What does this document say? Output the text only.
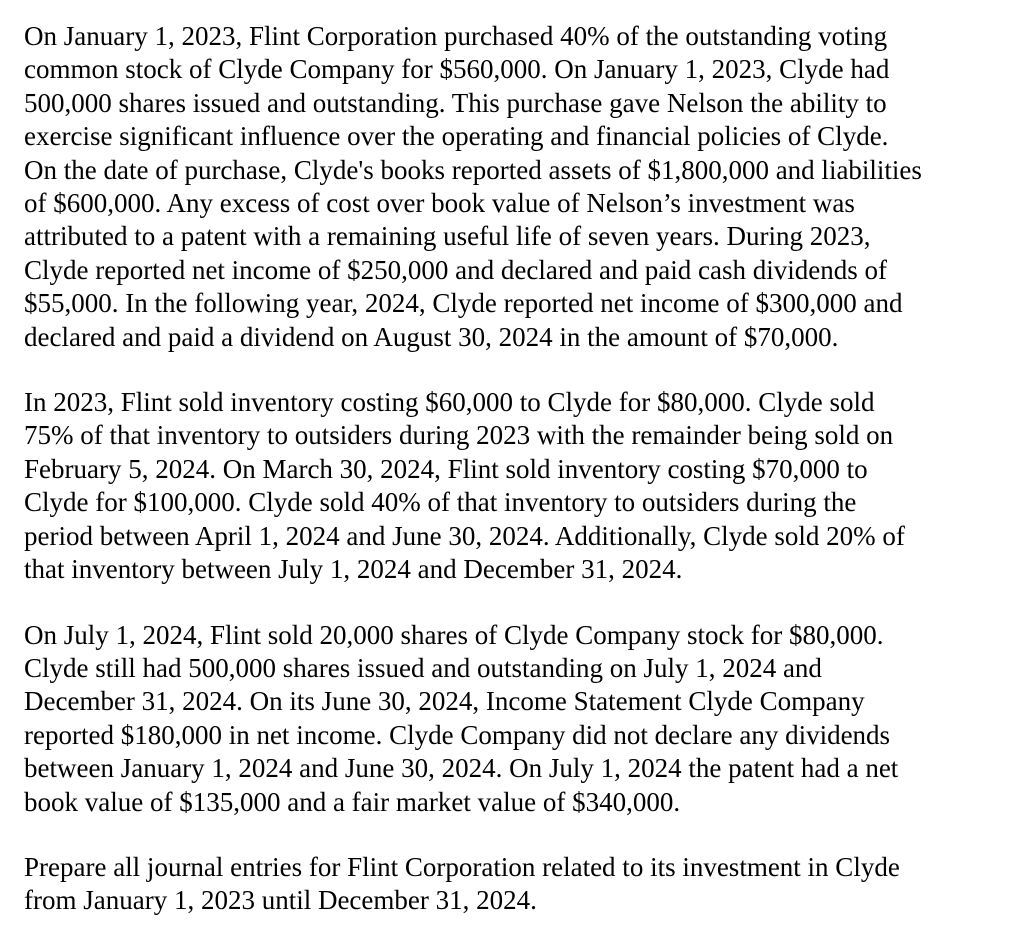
On January 1, 2023, Flint Corporation purchased 40% of the outstanding voting
common stock of Clyde Company for $560,000. On January 1, 2023, Clyde had
500,000 shares issued and outstanding. This purchase gave Nelson the ability to
exercise significant influence over the operating and financial policies of Clyde.
On the date of purchase, Clyde's books reported assets of $1,800,000 and liabilities
of $600,000. Any excess of cost over book value of Nelson’s investment was
attributed to a patent with a remaining useful life of seven years. During 2023,
Clyde reported net income of $250,000 and declared and paid cash dividends of
$55,000. In the following year, 2024, Clyde reported net income of $300,000 and
declared and paid a dividend on August 30, 2024 in the amount of $70,000.
In 2023, Flint sold inventory costing $60,000 to Clyde for $80,000. Clyde sold
75% of that inventory to outsiders during 2023 with the remainder being sold on
February 5, 2024. On March 30, 2024, Flint sold inventory costing $70,000 to
Clyde for $100,000. Clyde sold 40% of that inventory to outsiders during the
period between April 1, 2024 and June 30, 2024. Additionally, Clyde sold 20% of
that inventory between July 1, 2024 and December 31, 2024.
On July 1, 2024, Flint sold 20,000 shares of Clyde Company stock for $80,000.
Clyde still had 500,000 shares issued and outstanding on July 1, 2024 and
December 31, 2024. On its June 30, 2024, Income Statement Clyde Company
reported $180,000 in net income. Clyde Company did not declare any dividends
between January 1, 2024 and June 30, 2024. On July 1, 2024 the patent had a net
book value of $135,000 and a fair market value of $340,000.
Prepare all journal entries for Flint Corporation related to its investment in Clyde
from January 1, 2023 until December 31, 2024.
